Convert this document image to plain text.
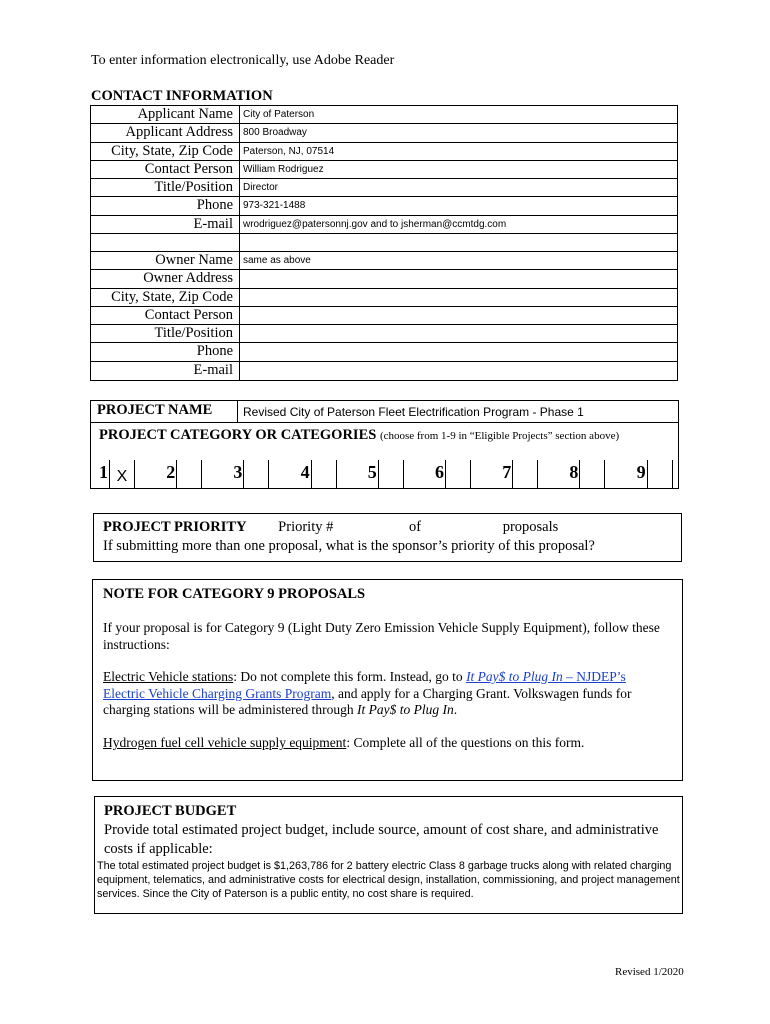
To enter information electronically, use Adobe Reader
CONTACT INFORMATION
Applicant Name City of Paterson
Applicant Address 800 Broadway
City, State, Zip Code Paterson, NJ, 07514
Contact Person William Rodriguez
Title/Position Director
Phone 973-321-1488
E-mail wrodriguez@patersonnj.gov and to jsherman@ccmtdg.com
Owner Name same as above
Owner Address
City, State, Zip Code
Contact Person
Title/Position
Phone
E-mail
PROJECT NAME	Revised City of Paterson Fleet Electrification Program - Phase 1
PROJECT CATEGORY OR CATEGORIES (choose from 1-9 in “Eligible Projects” section above)
1 X	2	3	4	5	6	7	8	9
PROJECT PRIORITY Priority #	of	proposals
If submitting more than one proposal, what is the sponsor’s priority of this proposal?
NOTE FOR CATEGORY 9 PROPOSALS

If your proposal is for Category 9 (Light Duty Zero Emission Vehicle Supply Equipment), follow these instructions:

Electric Vehicle stations: Do not complete this form. Instead, go to It Pay$ to Plug In – NJDEP’s Electric Vehicle Charging Grants Program, and apply for a Charging Grant. Volkswagen funds for charging stations will be administered through It Pay$ to Plug In.

Hydrogen fuel cell vehicle supply equipment: Complete all of the questions on this form.

PROJECT BUDGET
Provide total estimated project budget, include source, amount of cost share, and administrative costs if applicable:
The total estimated project budget is $1,263,786 for 2 battery electric Class 8 garbage trucks along with related charging equipment, telematics, and administrative costs for electrical design, installation, commissioning, and project management services. Since the City of Paterson is a public entity, no cost share is required.
Revised 1/2020
